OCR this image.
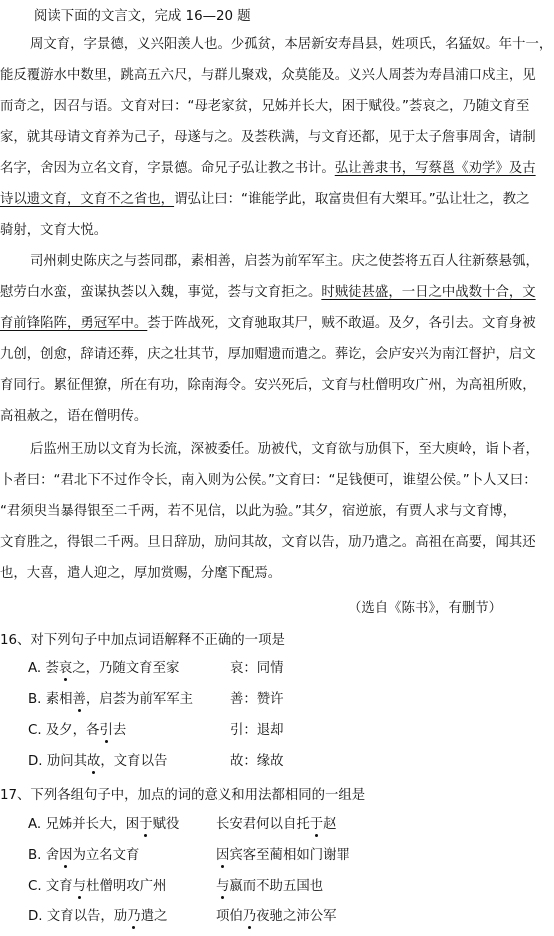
阅读下面的文言文，完成 16—20 题
周文育，字景德，义兴阳羡人也。少孤贫，本居新安寿昌县，姓项氏，名猛奴。年十一，
能反覆游水中数里，跳高五六尺，与群儿聚戏，众莫能及。义兴人周荟为寿昌浦口戍主，见
而奇之，因召与语。文育对曰：“母老家贫，兄姊并长大，困于赋役。”荟哀之，乃随文育至
家，就其母请文育养为己子，母遂与之。及荟秩满，与文育还都，见于太子詹事周舍，请制
名字，舍因为立名文育，字景德。命兄子弘让教之书计。弘让善隶书，写蔡邕《劝学》及古
诗以遗文育，文育不之省也，谓弘让曰：“谁能学此，取富贵但有大槊耳。”弘让壮之，教之
骑射，文育大悦。
司州刺史陈庆之与荟同郡，素相善，启荟为前军军主。庆之使荟将五百人往新蔡悬瓠，
慰劳白水蛮，蛮谋执荟以入魏，事觉，荟与文育拒之。时贼徒甚盛，一日之中战数十合，文
育前锋陷阵，勇冠军中。荟于阵战死，文育驰取其尸，贼不敢逼。及夕，各引去。文育身被
九创，创愈，辞请还葬，庆之壮其节，厚加赗遗而遣之。葬讫，会庐安兴为南江督护，启文
育同行。累征俚獠，所在有功，除南海令。安兴死后，文育与杜僧明攻广州，为高祖所败，
高祖赦之，语在僧明传。
后监州王劢以文育为长流，深被委任。劢被代，文育欲与劢俱下，至大庾岭，诣卜者，
卜者曰：“君北下不过作令长，南入则为公侯。”文育曰：“足钱便可，谁望公侯。”卜人又曰：
“君须臾当暴得银至二千两，若不见信，以此为验。”其夕，宿逆旅，有贾人求与文育博，
文育胜之，得银二千两。旦日辞劢，劢问其故，文育以告，劢乃遣之。高祖在高要，闻其还
也，大喜，遣人迎之，厚加赏赐，分麾下配焉。
（选自《陈书》，有删节）
16、对下列句子中加点词语解释不正确的一项是
A. 荟哀之，乃随文育至家	哀：同情
B. 素相善，启荟为前军军主	善：赞许
C. 及夕，各引去	引：退却
D. 劢问其故，文育以告	故：缘故
17、下列各组句子中，加点的词的意义和用法都相同的一组是
A. 兄姊并长大，困于赋役	长安君何以自托于赵
B. 舍因为立名文育	因宾客至蔺相如门谢罪
C. 文育与杜僧明攻广州	与嬴而不助五国也
D. 文育以告，劢乃遣之	项伯乃夜驰之沛公军
